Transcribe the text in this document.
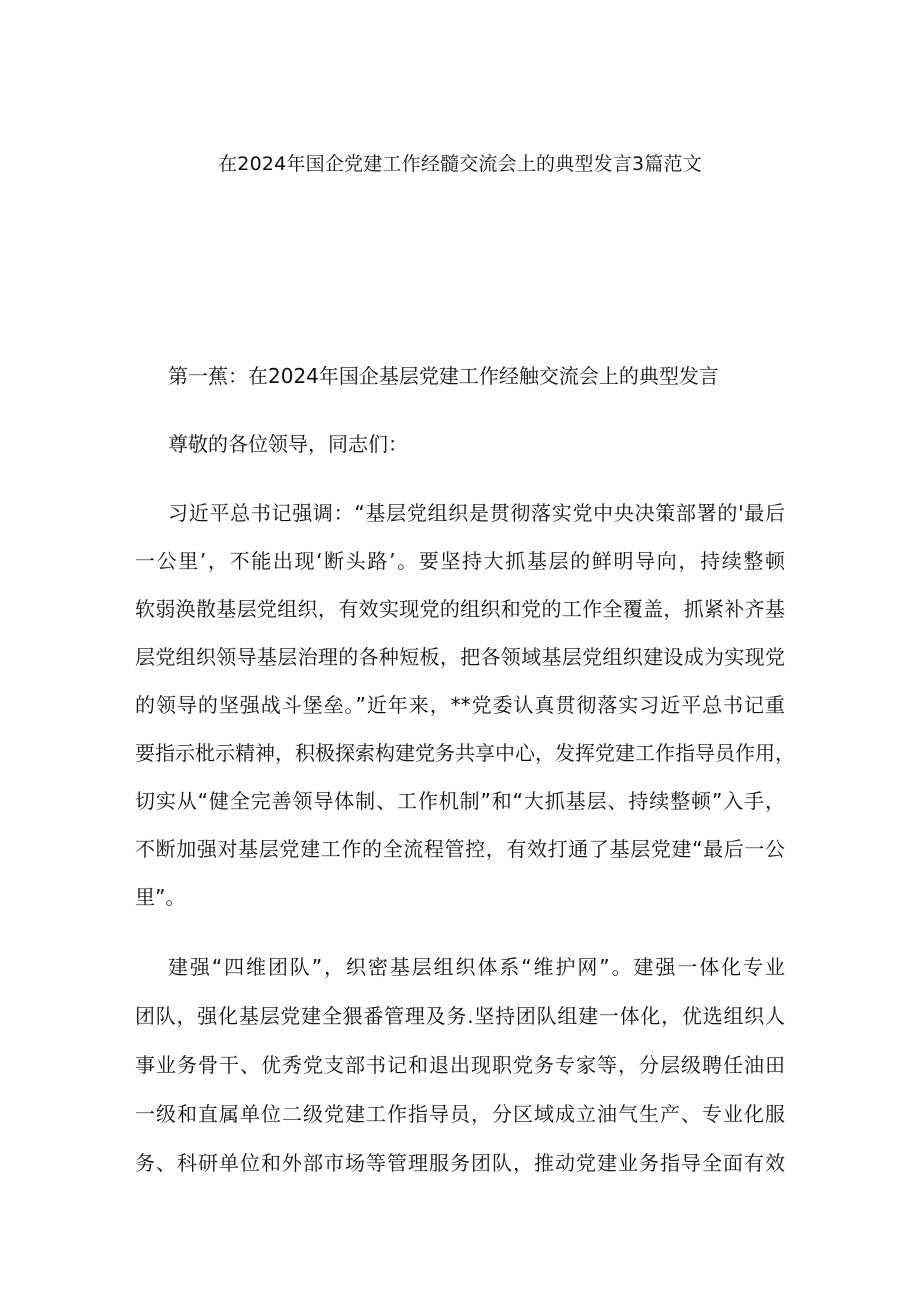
在2024年国企党建工作经髓交流会上的典型发言3篇范文
第一蕉：在2024年国企基层党建工作经触交流会上的典型发言
尊敬的各位领导，同志们：
习近平总书记强调：“基层党组织是贯彻落实党中央决策部署的'最后
一公里’，不能出现‘断头路’。要坚持大抓基层的鲜明导向，持续整顿
软弱涣散基层党组织，有效实现党的组织和党的工作全覆盖，抓紧补齐基
层党组织领导基层治理的各种短板，把各领域基层党组织建设成为实现党
的领导的坚强战斗堡垒。”近年来，**党委认真贯彻落实习近平总书记重
要指示枇示精神，积极探索构建党务共享中心，发挥党建工作指导员作用，
切实从“健全完善领导体制、工作机制”和“大抓基层、持续整顿”入手，
不断加强对基层党建工作的全流程管控，有效打通了基层党建“最后一公
里”。
建强“四维团队”，织密基层组织体系“维护网”。建强一体化专业
团队，强化基层党建全猥番管理及务.坚持团队组建一体化，优选组织人
事业务骨干、优秀党支部书记和退出现职党务专家等，分层级聘任油田
一级和直属单位二级党建工作指导员，分区域成立油气生产、专业化服
务、科研单位和外部市场等管理服务团队，推动党建业务指导全面有效
